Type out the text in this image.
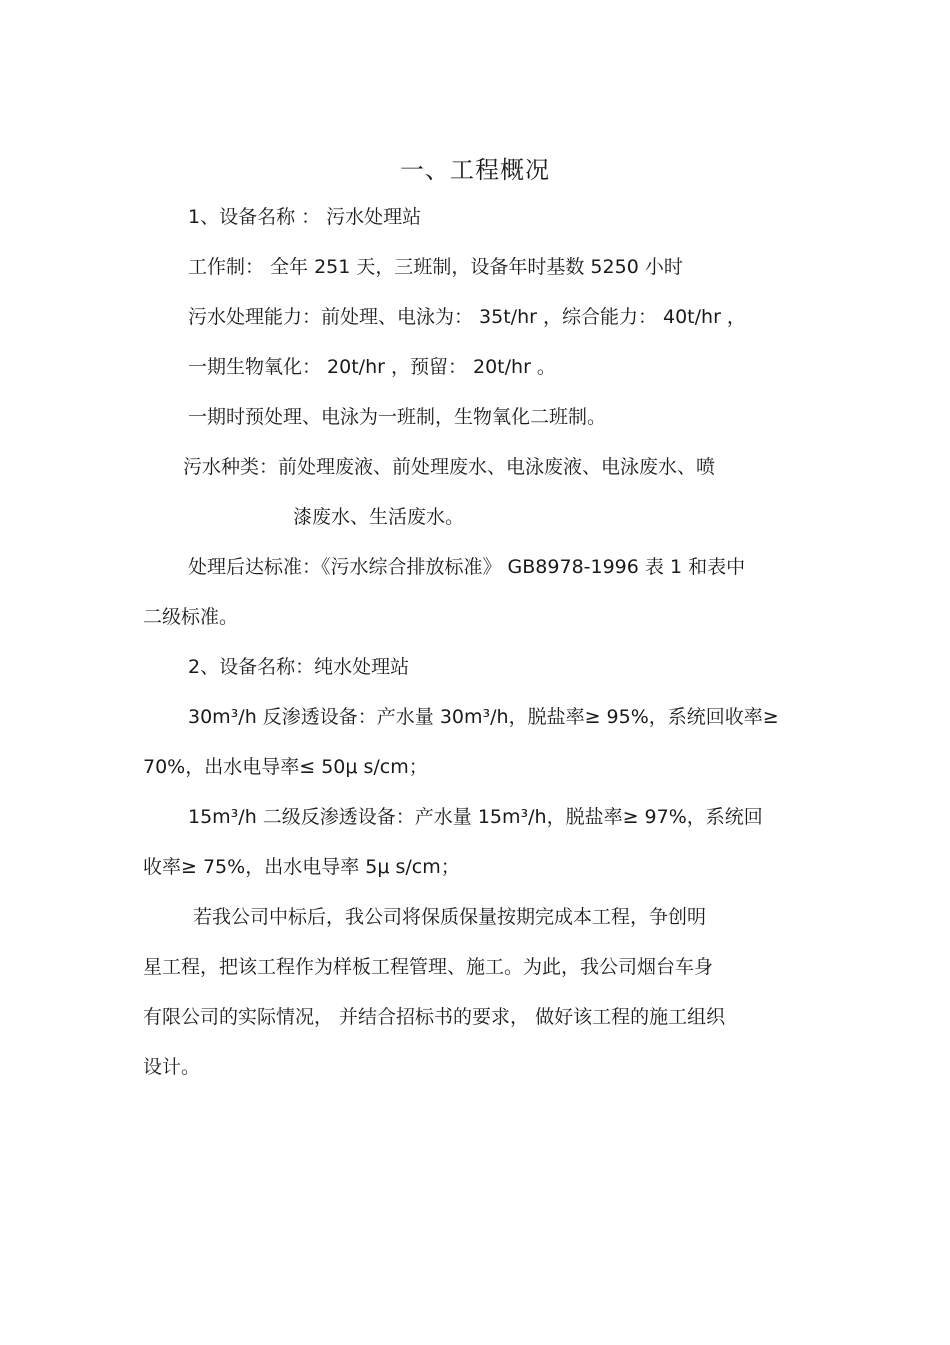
一、工程概况
1、设备名称 ： 污水处理站
工作制： 全年 251 天，三班制，设备年时基数 5250 小时
污水处理能力：前处理、电泳为： 35t/hr ，综合能力： 40t/hr ，
一期生物氧化： 20t/hr ，预留： 20t/hr 。
一期时预处理、电泳为一班制，生物氧化二班制。
污水种类：前处理废液、前处理废水、电泳废液、电泳废水、喷
漆废水、生活废水。
处理后达标准：《污水综合排放标准》 GB8978-1996 表 1 和表中
二级标准。
2、设备名称：纯水处理站
30m³/h 反渗透设备：产水量 30m³/h，脱盐率≥ 95%，系统回收率≥
70%，出水电导率≤ 50μ s/cm；
15m³/h 二级反渗透设备：产水量 15m³/h，脱盐率≥ 97%，系统回
收率≥ 75%，出水电导率 5μ s/cm；
若我公司中标后，我公司将保质保量按期完成本工程，争创明
星工程，把该工程作为样板工程管理、施工。为此，我公司烟台车身
有限公司的实际情况， 并结合招标书的要求， 做好该工程的施工组织
设计。
